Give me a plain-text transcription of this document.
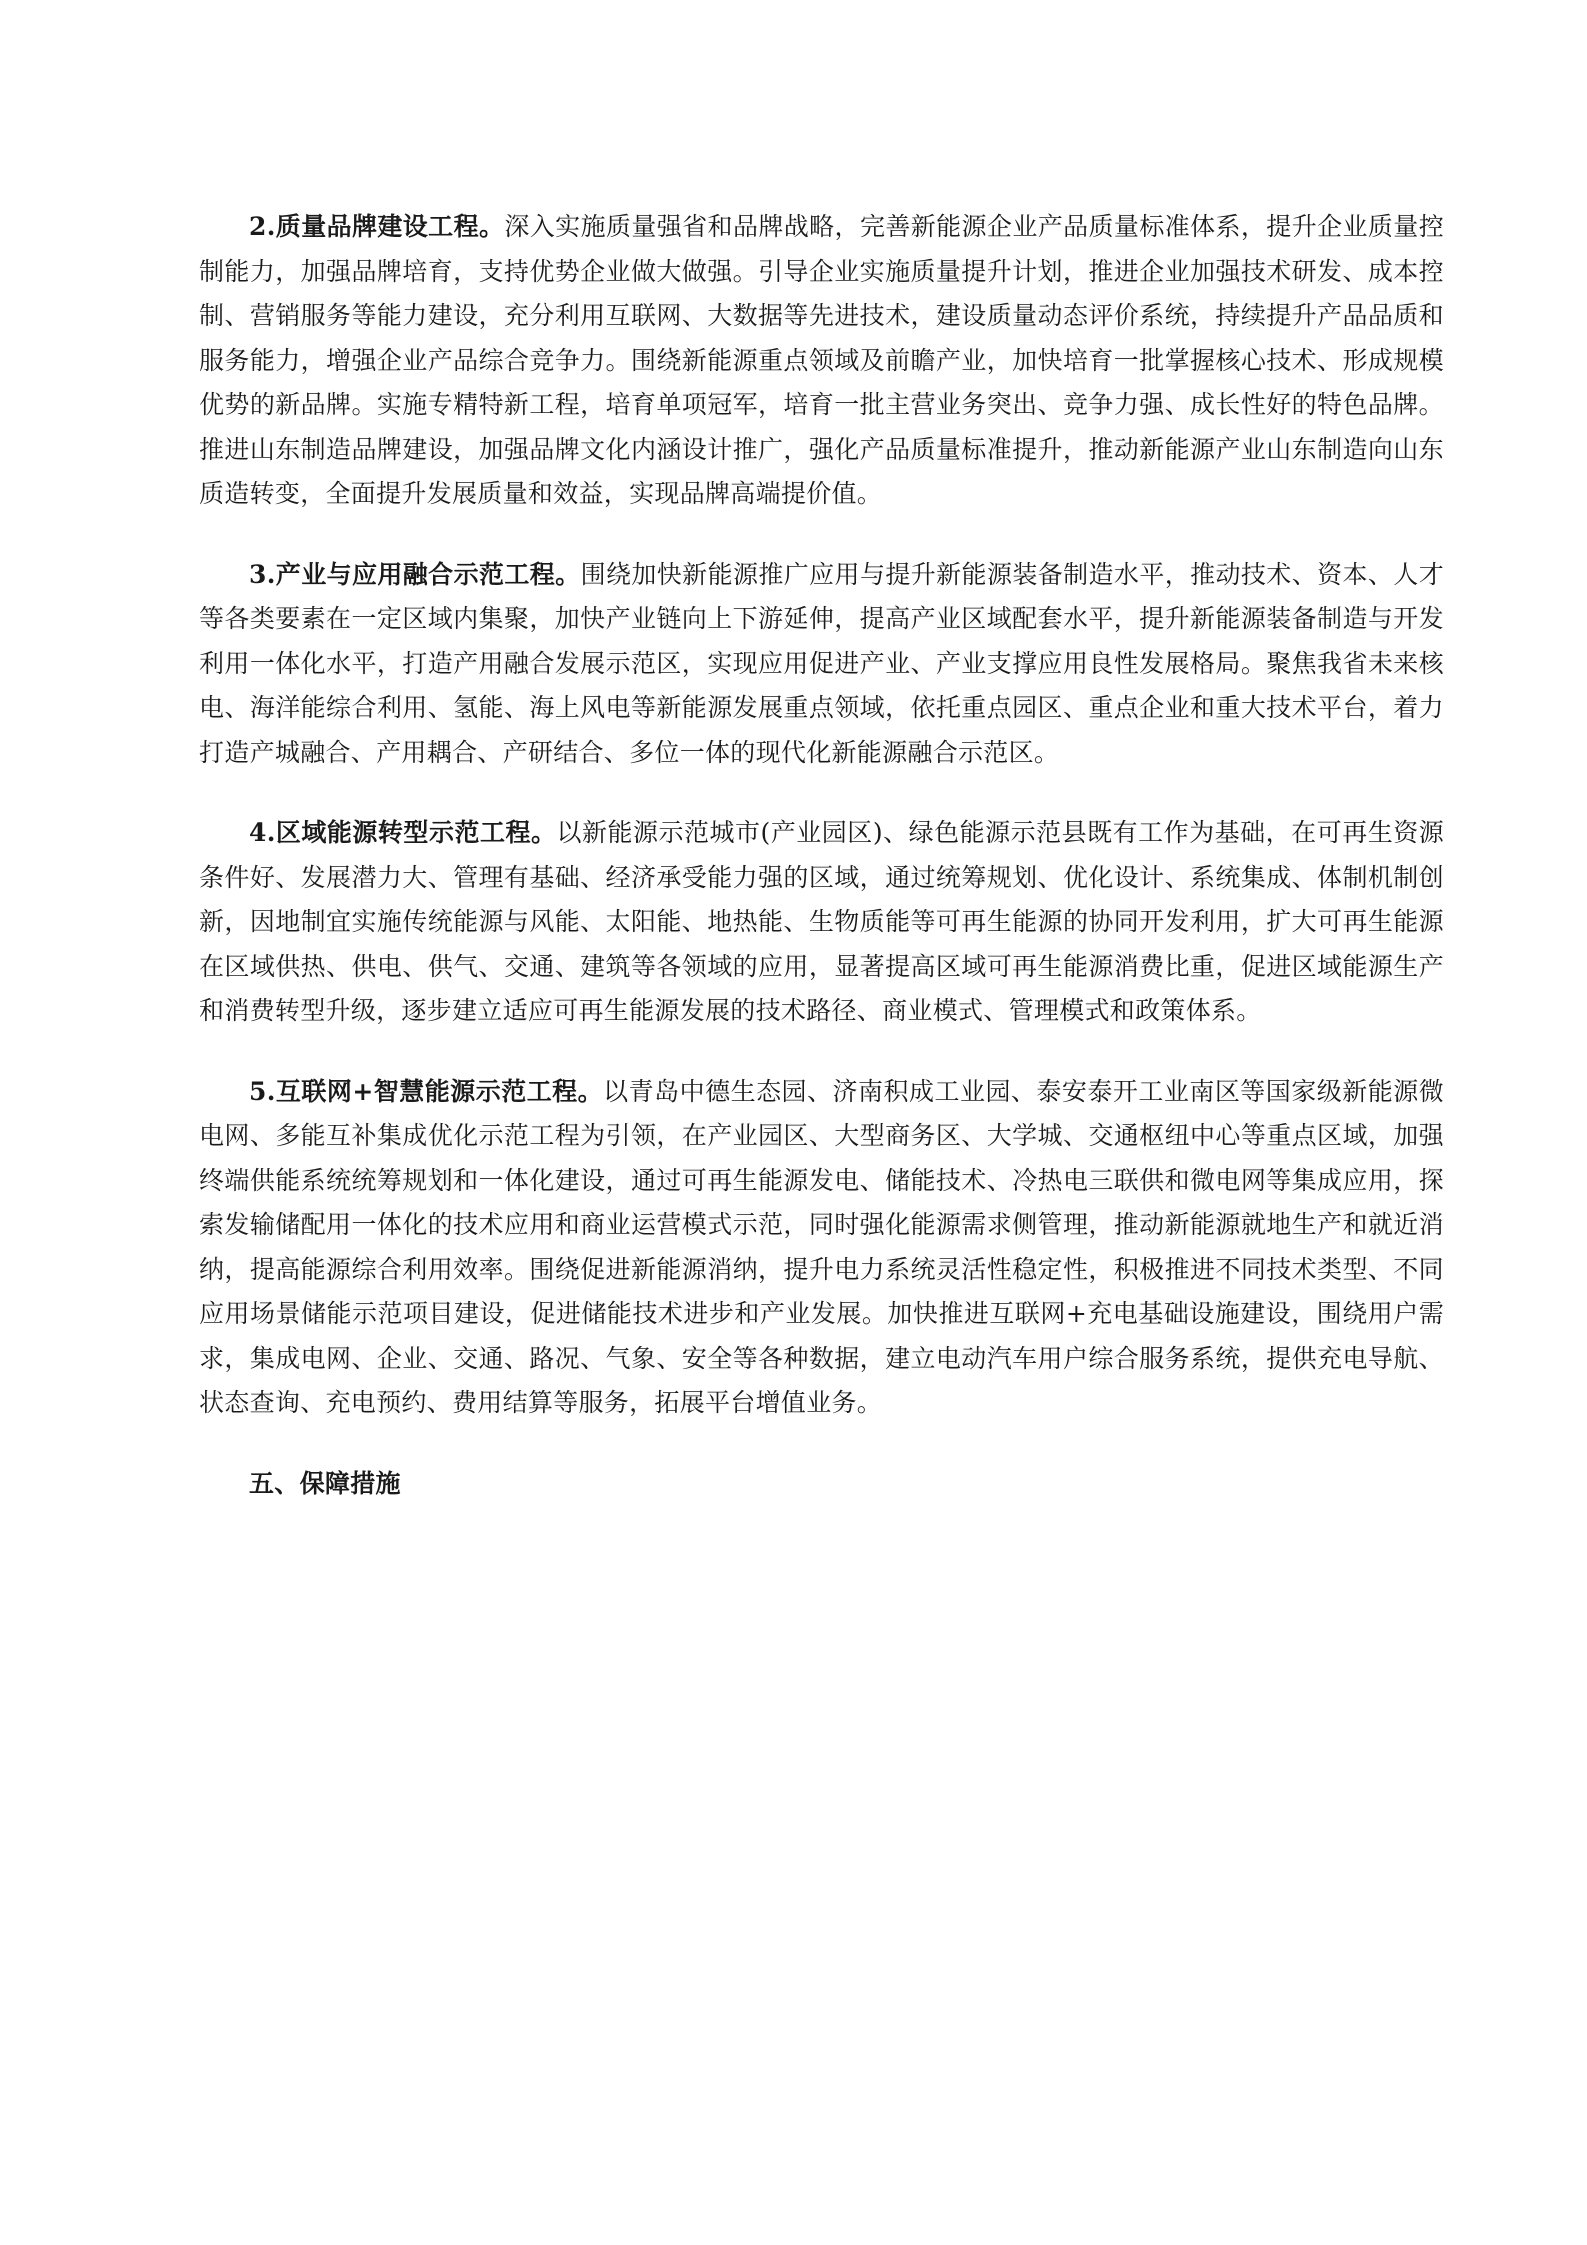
2.质量品牌建设工程。深入实施质量强省和品牌战略，完善新能源企业产品质量标准体系，提升企业质量控制能力，加强品牌培育，支持优势企业做大做强。引导企业实施质量提升计划，推进企业加强技术研发、成本控制、营销服务等能力建设，充分利用互联网、大数据等先进技术，建设质量动态评价系统，持续提升产品品质和服务能力，增强企业产品综合竞争力。围绕新能源重点领域及前瞻产业，加快培育一批掌握核心技术、形成规模优势的新品牌。实施专精特新工程，培育单项冠军，培育一批主营业务突出、竞争力强、成长性好的特色品牌。推进山东制造品牌建设，加强品牌文化内涵设计推广，强化产品质量标准提升，推动新能源产业山东制造向山东质造转变，全面提升发展质量和效益，实现品牌高端提价值。

3.产业与应用融合示范工程。围绕加快新能源推广应用与提升新能源装备制造水平，推动技术、资本、人才等各类要素在一定区域内集聚，加快产业链向上下游延伸，提高产业区域配套水平，提升新能源装备制造与开发利用一体化水平，打造产用融合发展示范区，实现应用促进产业、产业支撑应用良性发展格局。聚焦我省未来核电、海洋能综合利用、氢能、海上风电等新能源发展重点领域，依托重点园区、重点企业和重大技术平台，着力打造产城融合、产用耦合、产研结合、多位一体的现代化新能源融合示范区。

4.区域能源转型示范工程。以新能源示范城市(产业园区)、绿色能源示范县既有工作为基础，在可再生资源条件好、发展潜力大、管理有基础、经济承受能力强的区域，通过统筹规划、优化设计、系统集成、体制机制创新，因地制宜实施传统能源与风能、太阳能、地热能、生物质能等可再生能源的协同开发利用，扩大可再生能源在区域供热、供电、供气、交通、建筑等各领域的应用，显著提高区域可再生能源消费比重，促进区域能源生产和消费转型升级，逐步建立适应可再生能源发展的技术路径、商业模式、管理模式和政策体系。

5.互联网+智慧能源示范工程。以青岛中德生态园、济南积成工业园、泰安泰开工业南区等国家级新能源微电网、多能互补集成优化示范工程为引领，在产业园区、大型商务区、大学城、交通枢纽中心等重点区域，加强终端供能系统统筹规划和一体化建设，通过可再生能源发电、储能技术、冷热电三联供和微电网等集成应用，探索发输储配用一体化的技术应用和商业运营模式示范，同时强化能源需求侧管理，推动新能源就地生产和就近消纳，提高能源综合利用效率。围绕促进新能源消纳，提升电力系统灵活性稳定性，积极推进不同技术类型、不同应用场景储能示范项目建设，促进储能技术进步和产业发展。加快推进互联网+充电基础设施建设，围绕用户需求，集成电网、企业、交通、路况、气象、安全等各种数据，建立电动汽车用户综合服务系统，提供充电导航、状态查询、充电预约、费用结算等服务，拓展平台增值业务。

五、保障措施
